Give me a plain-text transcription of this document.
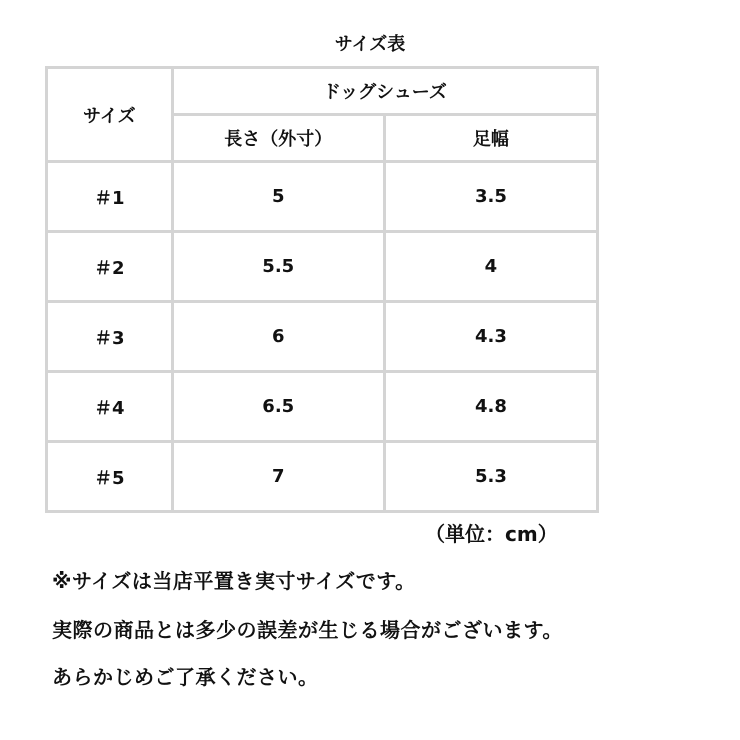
サイズ表
サイズ	ドッグシューズ	
	長さ（外寸）	足幅
＃1	5	3.5
＃2	5.5	4
＃3	6	4.3
＃4	6.5	4.8
＃5	7	5.3
（単位：cm）
※サイズは当店平置き実寸サイズです。
実際の商品とは多少の誤差が生じる場合がございます。
あらかじめご了承ください。
